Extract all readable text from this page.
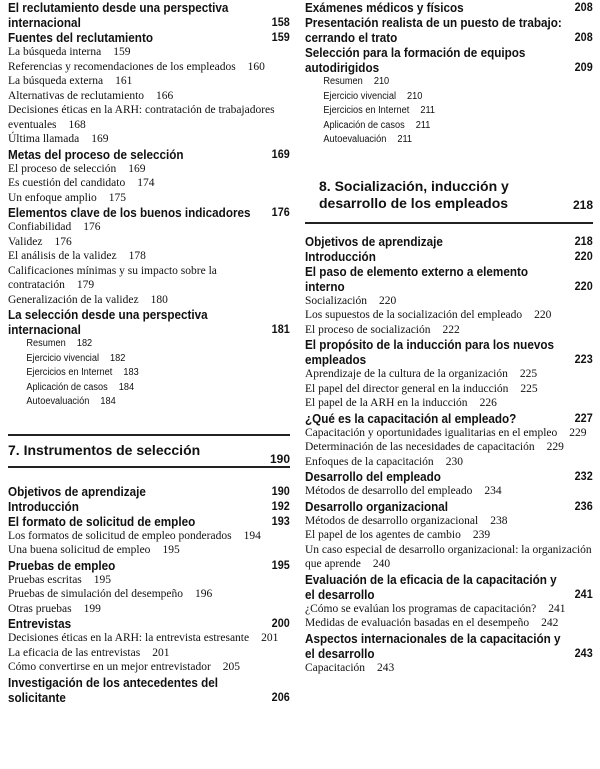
El reclutamiento desde una perspectiva internacional	158
Fuentes del reclutamiento	159
La búsqueda interna 159
Referencias y recomendaciones de los empleados 160
La búsqueda externa 161
Alternativas de reclutamiento 166
Decisiones éticas en la ARH: contratación de trabajadores eventuales 168
Última llamada 169
Metas del proceso de selección	169
El proceso de selección 169
Es cuestión del candidato 174
Un enfoque amplio 175
Elementos clave de los buenos indicadores 176
Confiabilidad 176
Validez 176
El análisis de la validez 178
Calificaciones mínimas y su impacto sobre la contratación 179
Generalización de la validez 180
La selección desde una perspectiva internacional	181
Resumen 182
Ejercicio vivencial 182
Ejercicios en Internet 183
Aplicación de casos 184
Autoevaluación 184
7. Instrumentos de selección
190
Objetivos de aprendizaje	190
Introducción	192
El formato de solicitud de empleo	193
Los formatos de solicitud de empleo ponderados 194
Una buena solicitud de empleo 195
Pruebas de empleo	195
Pruebas escritas 195
Pruebas de simulación del desempeño 196
Otras pruebas 199
Entrevistas	200
Decisiones éticas en la ARH: la entrevista estresante 201
La eficacia de las entrevistas 201
Cómo convertirse en un mejor entrevistador 205
Investigación de los antecedentes del solicitante	206
Exámenes médicos y físicos	208
Presentación realista de un puesto de trabajo: cerrando el trato	208
Selección para la formación de equipos autodirigidos	209
Resumen 210
Ejercicio vivencial 210
Ejercicios en Internet 211
Aplicación de casos 211
Autoevaluación 211
8. Socialización, inducción y desarrollo de los empleados	218
Objetivos de aprendizaje	218
Introducción	220
El paso de elemento externo a elemento interno	220
Socialización 220
Los supuestos de la socialización del empleado 220
El proceso de socialización 222
El propósito de la inducción para los nuevos empleados	223
Aprendizaje de la cultura de la organización 225
El papel del director general en la inducción 225
El papel de la ARH en la inducción 226
¿Qué es la capacitación al empleado?	227
Capacitación y oportunidades igualitarias en el empleo 229
Determinación de las necesidades de capacitación 229
Enfoques de la capacitación 230
Desarrollo del empleado	232
Métodos de desarrollo del empleado 234
Desarrollo organizacional	236
Métodos de desarrollo organizacional 238
El papel de los agentes de cambio 239
Un caso especial de desarrollo organizacional: la organización que aprende 240
Evaluación de la eficacia de la capacitación y el desarrollo	241
¿Cómo se evalúan los programas de capacitación? 241
Medidas de evaluación basadas en el desempeño 242
Aspectos internacionales de la capacitación y el desarrollo	243
Capacitación 243
